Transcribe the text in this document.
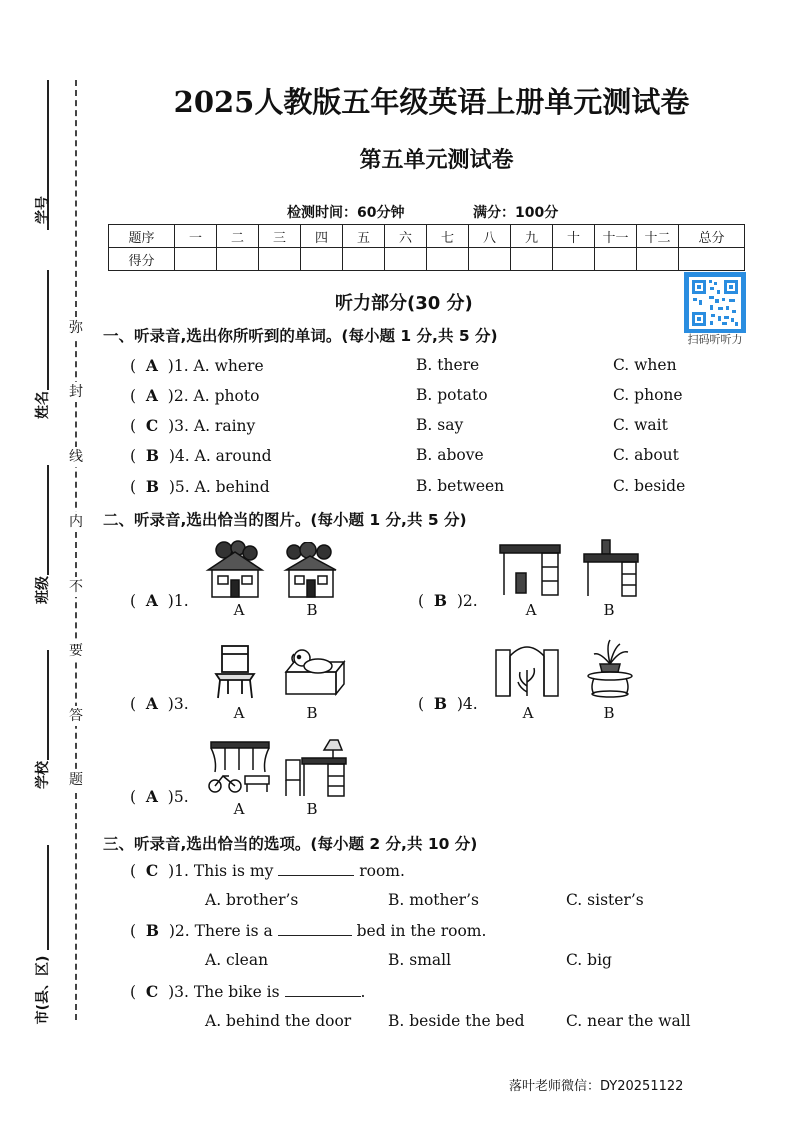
学号
姓名
班级
学校
市(县、区)
弥
封
线
内
不
要
答
题
2025人教版五年级英语上册单元测试卷
第五单元测试卷
检测时间：60分钟	满分：100分
题序	一	二	三	四	五	六	七	八	九	十	十一	十二	总分
得分													
扫码听听力
听力部分(30 分)
一、听录音,选出你所听到的单词。(每小题 1 分,共 5 分)
(  A )1. A. where	B. there	C. when
(  A )2. A. photo	B. potato	C. phone
(  C )3. A. rainy	B. say	C. wait
(  B )4. A. around	B. above	C. about
(  B )5. A. behind	B. between	C. beside
二、听录音,选出恰当的图片。(每小题 1 分,共 5 分)
(  A )1.	A	B	(  B )2.	A	B
(  A )3.	A	B	(  B )4.	A	B
(  A )5.
A	B
三、听录音,选出恰当的选项。(每小题 2 分,共 10 分)
(  C )1. This is my	room.
A. brother’s	B. mother’s	C. sister’s
(  B )2. There is a	bed in the room.
A. clean	B. small	C. big
(  C )3. The bike is	.
A. behind the door B. beside the bed	C. near the wall
落叶老师微信：DY20251122
